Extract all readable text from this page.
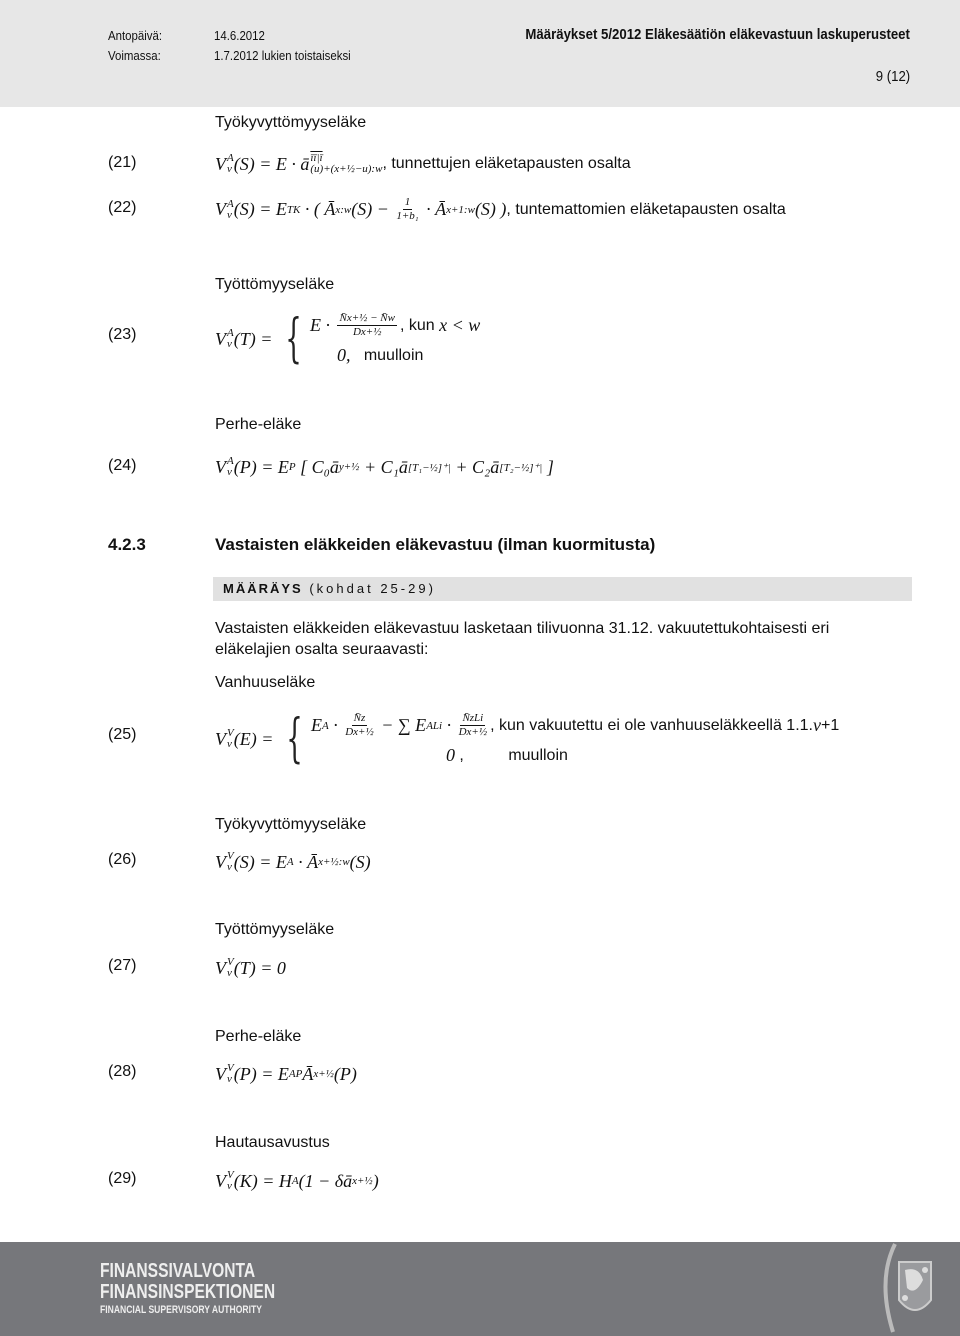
Antopäivä:	14.6.2012
Voimassa:	1.7.2012 lukien toistaiseksi
Määräykset 5/2012 Eläkesäätiön eläkevastuun laskuperusteet
9 (12)
Työkyvyttömyyseläke
Työttömyyseläke
Perhe-eläke
4.2.3	Vastaisten eläkkeiden eläkevastuu (ilman kuormitusta)
MÄÄRÄYS (kohdat 25-29)
Vastaisten eläkkeiden eläkevastuu lasketaan tilivuonna 31.12. vakuutettukohtaisesti eri eläkelajien osalta seuraavasti:
Vanhuuseläke
Työkyvyttömyyseläke
Työttömyyseläke
Perhe-eläke
Hautausavustus
(21)	V A
v (S) = E · ā īī|ī
(u)+(x+½−u):w , tunnettujen eläketapausten osalta
(22)	V A
v (S) = E TK · ( Ā x:w $(S) - \frac{1}{\text{1+b₁}}$ · Ā x+1:w (S) ) , tuntemattomien eläketapausten osalta
(23)	V A
v (T) = { $E \cdot \frac{\text{N̄x+½ − N̄w}}{\text{Dx+½}}$ , kun x < w
0, muulloin
(24)	V A
v (P) = E P [ C₀ā y+½ + C₁ā [T₁−½]⁺| + C₂ā [T₂−½]⁺| ]
(25)	V V
v (E) = { E $A \cdot \frac{N̄z}{\text{Dx+½}}$ − ∑ E ALi · $\frac{\text{N̄zLi}}{\text{Dx+½}}$ , kun vakuutettu ei ole vanhuuseläkkeellä 1.1. v +1
0 ,          muulloin
(26)	V V
v (S) = E A · Ā x+½:w (S)
(27)	V V
v (T) = 0
(28)	V V
v (P) = E AP Ā x+½ (P)
(29)	V V
v (K) = H A (1 − δā x+½ )
FINANSSIVALVONTA
FINANSINSPEKTIONEN
FINANCIAL SUPERVISORY AUTHORITY
